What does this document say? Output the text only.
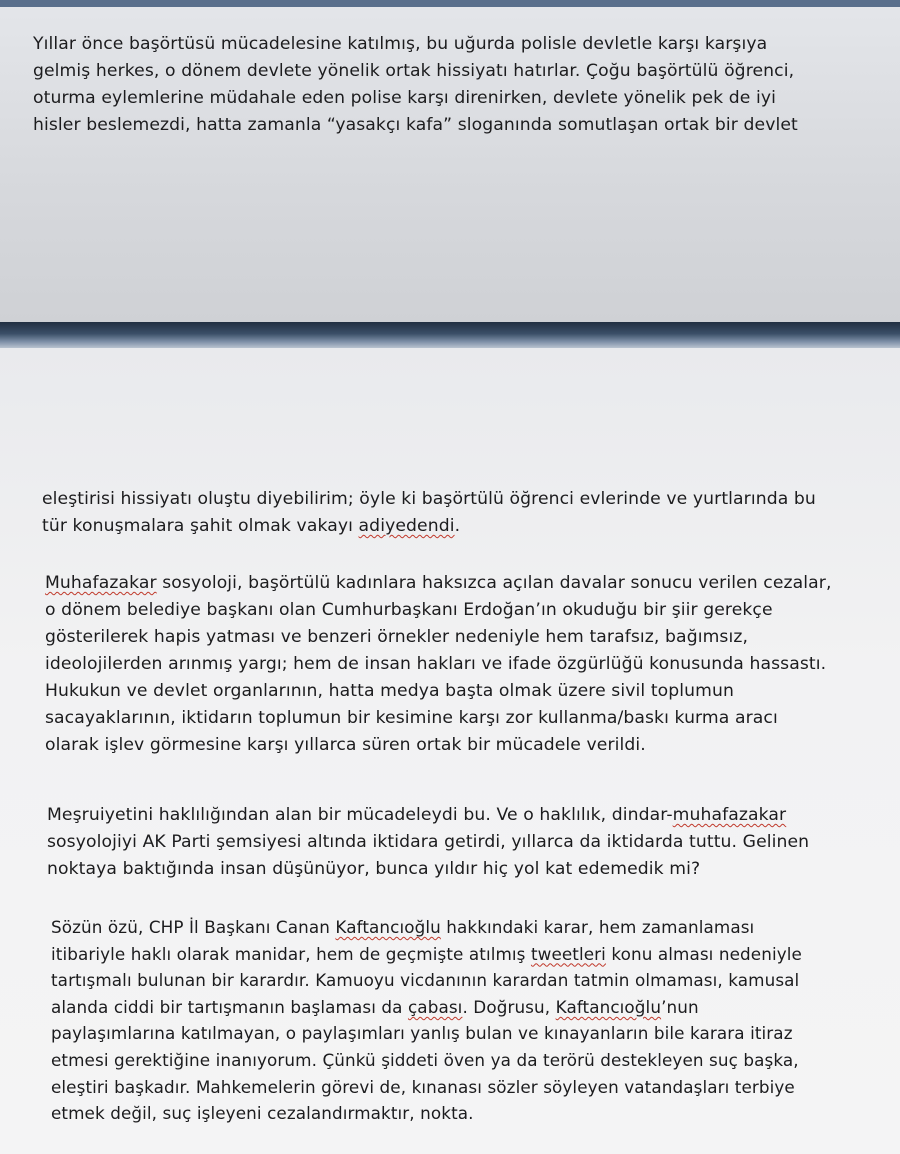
Yıllar önce başörtüsü mücadelesine katılmış, bu uğurda polisle devletle karşı karşıya
gelmiş herkes, o dönem devlete yönelik ortak hissiyatı hatırlar. Çoğu başörtülü öğrenci,
oturma eylemlerine müdahale eden polise karşı direnirken, devlete yönelik pek de iyi
hisler beslemezdi, hatta zamanla “yasakçı kafa” sloganında somutlaşan ortak bir devlet
eleştirisi hissiyatı oluştu diyebilirim; öyle ki başörtülü öğrenci evlerinde ve yurtlarında bu
tür konuşmalara şahit olmak vakayı adiyedendi.
Muhafazakar sosyoloji, başörtülü kadınlara haksızca açılan davalar sonucu verilen cezalar,
o dönem belediye başkanı olan Cumhurbaşkanı Erdoğan’ın okuduğu bir şiir gerekçe
gösterilerek hapis yatması ve benzeri örnekler nedeniyle hem tarafsız, bağımsız,
ideolojilerden arınmış yargı; hem de insan hakları ve ifade özgürlüğü konusunda hassastı.
Hukukun ve devlet organlarının, hatta medya başta olmak üzere sivil toplumun
sacayaklarının, iktidarın toplumun bir kesimine karşı zor kullanma/baskı kurma aracı
olarak işlev görmesine karşı yıllarca süren ortak bir mücadele verildi.
Meşruiyetini haklılığından alan bir mücadeleydi bu. Ve o haklılık, dindar-muhafazakar
sosyolojiyi AK Parti şemsiyesi altında iktidara getirdi, yıllarca da iktidarda tuttu. Gelinen
noktaya baktığında insan düşünüyor, bunca yıldır hiç yol kat edemedik mi?
Sözün özü, CHP İl Başkanı Canan Kaftancıoğlu hakkındaki karar, hem zamanlaması
itibariyle haklı olarak manidar, hem de geçmişte atılmış tweetleri konu alması nedeniyle
tartışmalı bulunan bir karardır. Kamuoyu vicdanının karardan tatmin olmaması, kamusal
alanda ciddi bir tartışmanın başlaması da çabası. Doğrusu, Kaftancıoğlu’nun
paylaşımlarına katılmayan, o paylaşımları yanlış bulan ve kınayanların bile karara itiraz
etmesi gerektiğine inanıyorum. Çünkü şiddeti öven ya da terörü destekleyen suç başka,
eleştiri başkadır. Mahkemelerin görevi de, kınanası sözler söyleyen vatandaşları terbiye
etmek değil, suç işleyeni cezalandırmaktır, nokta.
